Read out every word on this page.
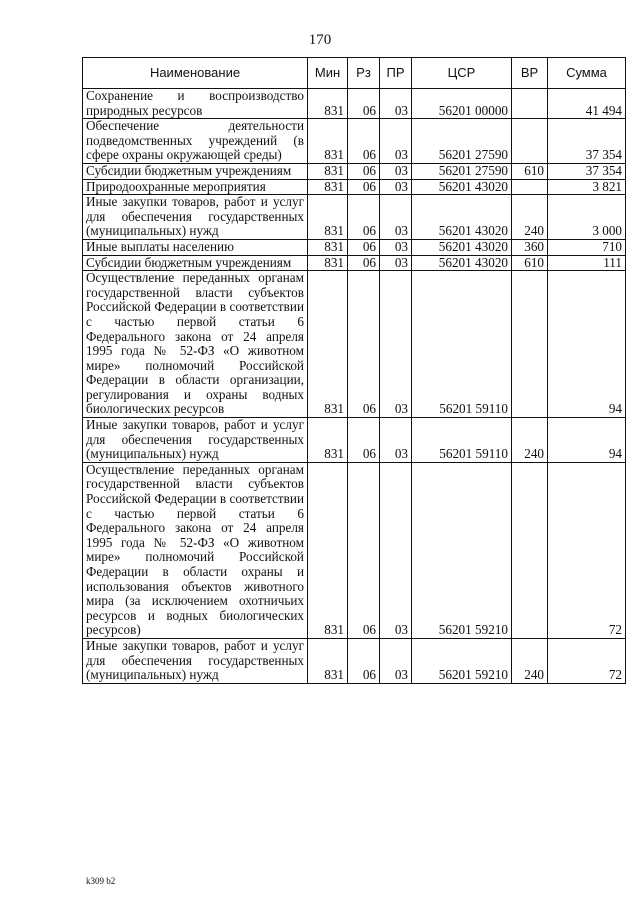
170
Наименование	Мин	Рз	ПР	ЦСР	ВР	Сумма
Сохранение и воспроизводство природных ресурсов	831	06	03	56201 00000		41 494
Обеспечение деятельности подведомственных учреждений (в сфере охраны окружающей среды)	831	06	03	56201 27590		37 354
Субсидии бюджетным учреждениям	831	06	03	56201 27590	610	37 354
Природоохранные мероприятия	831	06	03	56201 43020		3 821
Иные закупки товаров, работ и услуг для обеспечения государственных (муниципальных) нужд	831	06	03	56201 43020	240	3 000
Иные выплаты населению	831	06	03	56201 43020	360	710
Субсидии бюджетным учреждениям	831	06	03	56201 43020	610	111
Осуществление переданных органам государственной власти субъектов Российской Федерации в соответствии с частью первой статьи 6 Федерального закона от 24 апреля 1995 года № 52-ФЗ «О животном мире» полномочий Российской Федерации в области организации, регулирования и охраны водных биологических ресурсов	831	06	03	56201 59110		94
Иные закупки товаров, работ и услуг для обеспечения государственных (муниципальных) нужд	831	06	03	56201 59110	240	94
Осуществление переданных органам государственной власти субъектов Российской Федерации в соответствии с частью первой статьи 6 Федерального закона от 24 апреля 1995 года № 52-ФЗ «О животном мире» полномочий Российской Федерации в области охраны и использования объектов животного мира (за исключением охотничьих ресурсов и водных биологических ресурсов)	831	06	03	56201 59210		72
Иные закупки товаров, работ и услуг для обеспечения государственных (муниципальных) нужд	831	06	03	56201 59210	240	72
k309 b2
